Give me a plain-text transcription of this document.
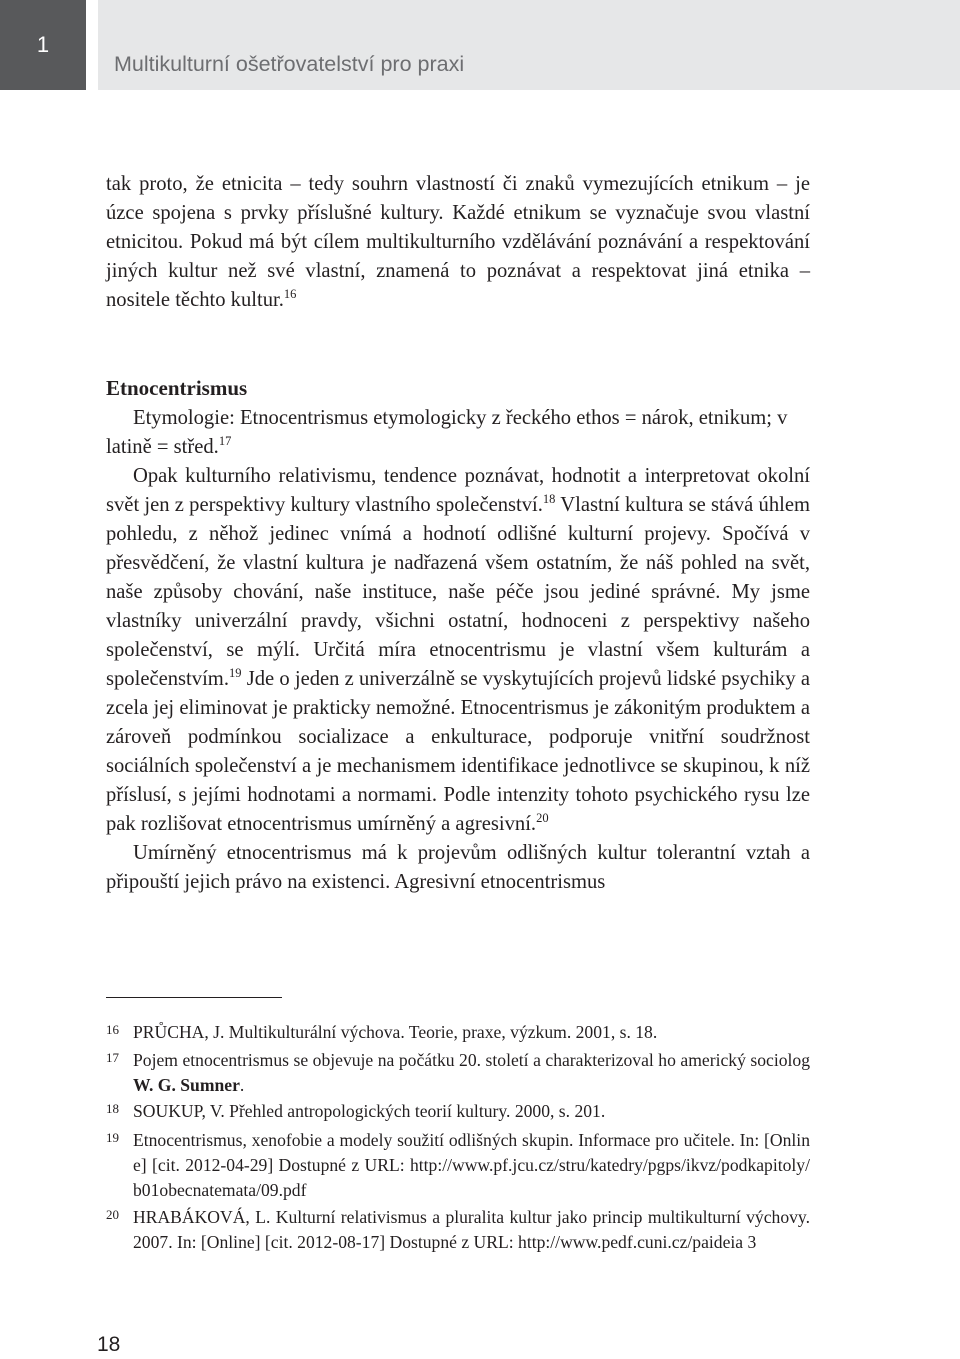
1
Multikulturní ošetřovatelství pro praxi

tak proto, že etnicita – tedy souhrn vlastností či znaků vymezujících etnikum – je úzce spojena s prvky příslušné kultury. Každé etnikum se vyznačuje svou vlastní etnicitou. Pokud má být cílem multikulturního vzdělávání poznávání a respektování jiných kultur než své vlastní, znamená to poznávat a respektovat jiná etnika – nositele těchto kultur.$^{16}$

Etnocentrismus
Etymologie: Etnocentrismus etymologicky z řeckého ethos = nárok, etnikum; v latině = střed.$^{17}$
Opak kulturního relativismu, tendence poznávat, hodnotit a interpretovat okolní svět jen z perspektivy kultury vlastního společenství.$^{18}$ Vlastní kultura se stává úhlem pohledu, z něhož jedinec vnímá a hodnotí odlišné kulturní projevy. Spočívá v přesvědčení, že vlastní kultura je nadřazená všem ostatním, že náš pohled na svět, naše způsoby chování, naše instituce, naše péče jsou jediné správné. My jsme vlastníky univerzální pravdy, všichni ostatní, hodnoceni z perspektivy našeho společenství, se mýlí. Určitá míra etnocentrismu je vlastní všem kulturám a společenstvím.$^{19}$ Jde o jeden z univerzálně se vyskytujících projevů lidské psychiky a zcela jej eliminovat je prakticky nemožné. Etnocentrismus je zákonitým produktem a zároveň podmínkou socializace a enkulturace, podporuje vnitřní soudržnost sociálních společenství a je mechanismem identifikace jednotlivce se skupinou, k níž příslusí, s jejími hodnotami a normami. Podle intenzity tohoto psychického rysu lze pak rozlišovat etnocentrismus umírněný a agresivní.$^{20}$
Umírněný etnocentrismus má k projevům odlišných kultur tolerantní vztah a připouští jejich právo na existenci. Agresivní etnocentrismus
16 PRŮCHA, J. Multikulturální výchova. Teorie, praxe, výzkum. 2001, s. 18.
17 Pojem etnocentrismus se objevuje na počátku 20. století a charakterizoval ho americký sociolog W. G. Sumner.
18 SOUKUP, V. Přehled antropologických teorií kultury. 2000, s. 201.
19 Etnocentrismus, xenofobie a modely soužití odlišných skupin. Informace pro učitele. In: [Online] [cit. 2012-04-29] Dostupné z URL: http://www.pf.jcu.cz/stru/katedry/pgps/ikvz/podkapitoly/b01obecnatemata/09.pdf
20 HRABÁKOVÁ, L. Kulturní relativismus a pluralita kultur jako princip multikulturní výchovy. 2007. In: [Online] [cit. 2012-08-17] Dostupné z URL: http://www.pedf.cuni.cz/paideia 3
18
